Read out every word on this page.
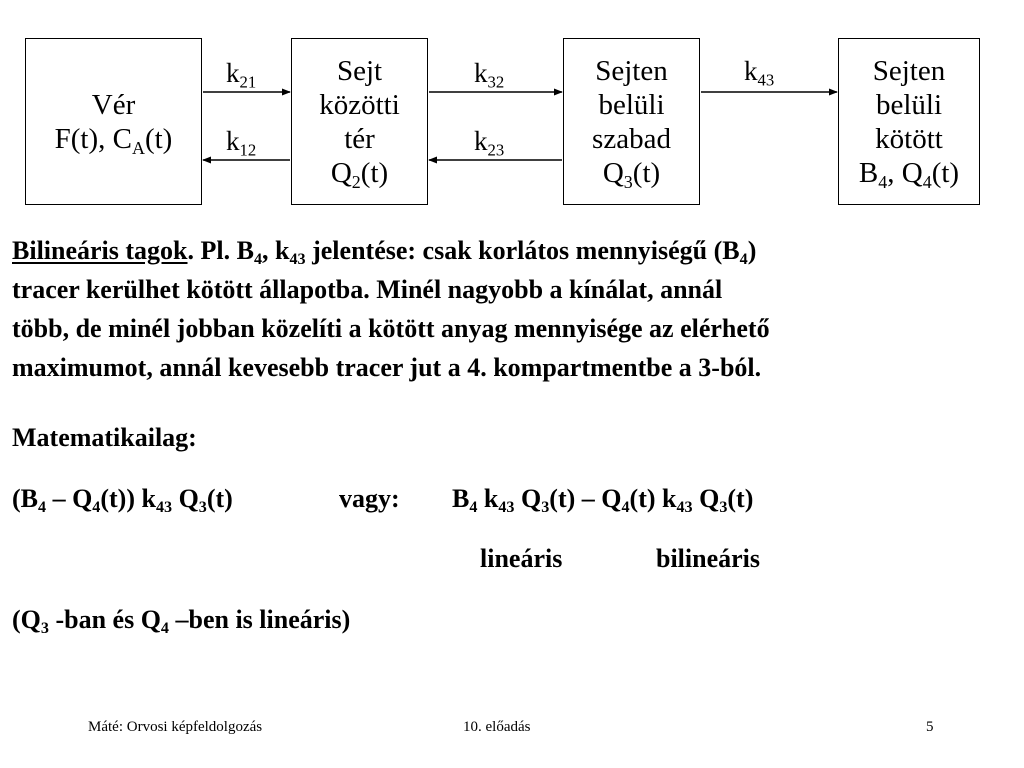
Vér
F(t), $C_A(t)$
Sejt
közötti
tér
$Q_2(t)$
Sejten
belüli
szabad
$Q_3(t)$
Sejten
belüli
kötött
$B_4$, $Q_4(t)$
$k_{21}$
$k_{12}$
$k_{32}$
$k_{23}$
$k_{43}$
Bilineáris tagok. Pl. $B_4$, $k_{43}$ jelentése: csak korlátos mennyiségű $(B_4)$
tracer kerülhet kötött állapotba. Minél nagyobb a kínálat, annál
több, de minél jobban közelíti a kötött anyag mennyisége az elérhető
maximumot, annál kevesebb tracer jut a 4. kompartmentbe a 3-ból.
Matematikailag:
$(B_4 - Q_4(t))$ $k_{43}$ $Q_3(t)$	vagy: $B_4$ $k_{43}$ $Q_3(t) - Q_4(t)$ $k_{43}$ $Q_3(t)$
lineáris	bilineáris
($Q_3$ -ban és $Q_4$ –ben is lineáris)
Máté: Orvosi képfeldolgozás	10. előadás	5
